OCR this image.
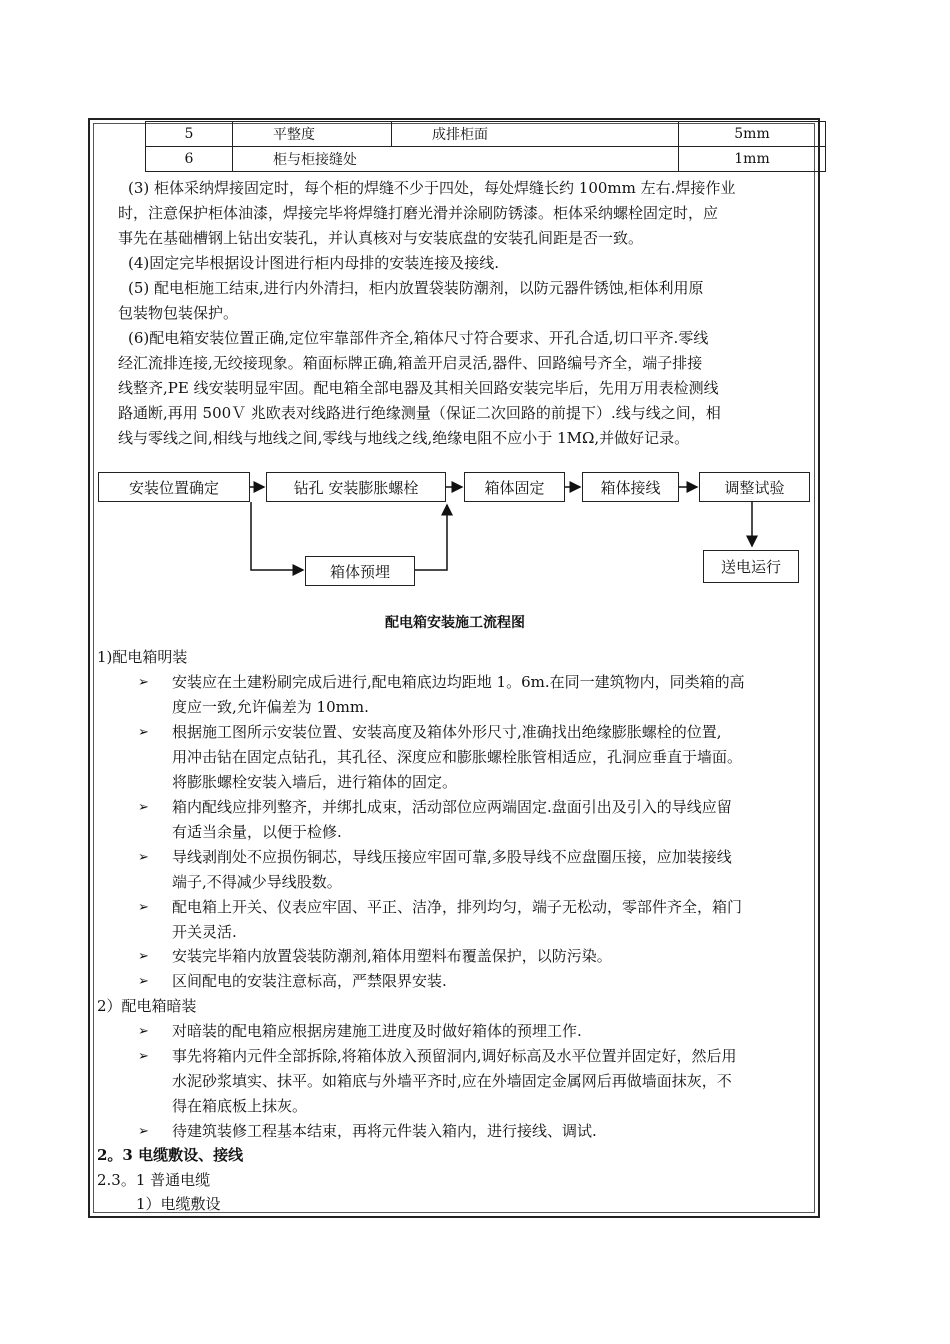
5	平整度	成排柜面	5mm
6	柜与柜接缝处		1mm
(3) 柜体采纳焊接固定时，每个柜的焊缝不少于四处，每处焊缝长约 100mm 左右.焊接作业
时，注意保护柜体油漆，焊接完毕将焊缝打磨光滑并涂刷防锈漆。柜体采纳螺栓固定时，应
事先在基础槽钢上钻出安装孔，并认真核对与安装底盘的安装孔间距是否一致。
(4)固定完毕根据设计图进行柜内母排的安装连接及接线.
(5) 配电柜施工结束,进行内外清扫，柜内放置袋装防潮剂，以防元器件锈蚀,柜体利用原
包装物包装保护。
(6)配电箱安装位置正确,定位牢靠部件齐全,箱体尺寸符合要求、开孔合适,切口平齐.零线
经汇流排连接,无绞接现象。箱面标牌正确,箱盖开启灵活,器件、回路编号齐全，端子排接
线整齐,PE 线安装明显牢固。配电箱全部电器及其相关回路安装完毕后，先用万用表检测线
路通断,再用 500Ｖ 兆欧表对线路进行绝缘测量（保证二次回路的前提下）.线与线之间，相
线与零线之间,相线与地线之间,零线与地线之线,绝缘电阻不应小于 1MΩ,并做好记录。
安装位置确定	钻孔 安装膨胀螺栓	箱体固定	箱体接线	调整试验
送电运行
箱体预埋
配电箱安装施工流程图
1)配电箱明装
➢	安装应在土建粉刷完成后进行,配电箱底边均距地 1。6m.在同一建筑物内，同类箱的高
度应一致,允许偏差为 10mm.
➢	根据施工图所示安装位置、安装高度及箱体外形尺寸,准确找出绝缘膨胀螺栓的位置,
用冲击钻在固定点钻孔，其孔径、深度应和膨胀螺栓胀管相适应，孔洞应垂直于墙面。
将膨胀螺栓安装入墙后，进行箱体的固定。
➢	箱内配线应排列整齐，并绑扎成束，活动部位应两端固定.盘面引出及引入的导线应留
有适当余量，以便于检修.
➢	导线剥削处不应损伤铜芯，导线压接应牢固可靠,多股导线不应盘圈压接，应加装接线
端子,不得减少导线股数。
➢	配电箱上开关、仪表应牢固、平正、洁净，排列均匀，端子无松动，零部件齐全，箱门
开关灵活.
➢	安装完毕箱内放置袋装防潮剂,箱体用塑料布覆盖保护，以防污染。
➢	区间配电的安装注意标高，严禁限界安装.
2）配电箱暗装
➢	对暗装的配电箱应根据房建施工进度及时做好箱体的预埋工作.
➢	事先将箱内元件全部拆除,将箱体放入预留洞内,调好标高及水平位置并固定好，然后用
水泥砂浆填实、抹平。如箱底与外墙平齐时,应在外墙固定金属网后再做墙面抹灰，不
得在箱底板上抹灰。
➢	待建筑装修工程基本结束，再将元件装入箱内，进行接线、调试.
2。3 电缆敷设、接线
2.3。1 普通电缆
1）电缆敷设
